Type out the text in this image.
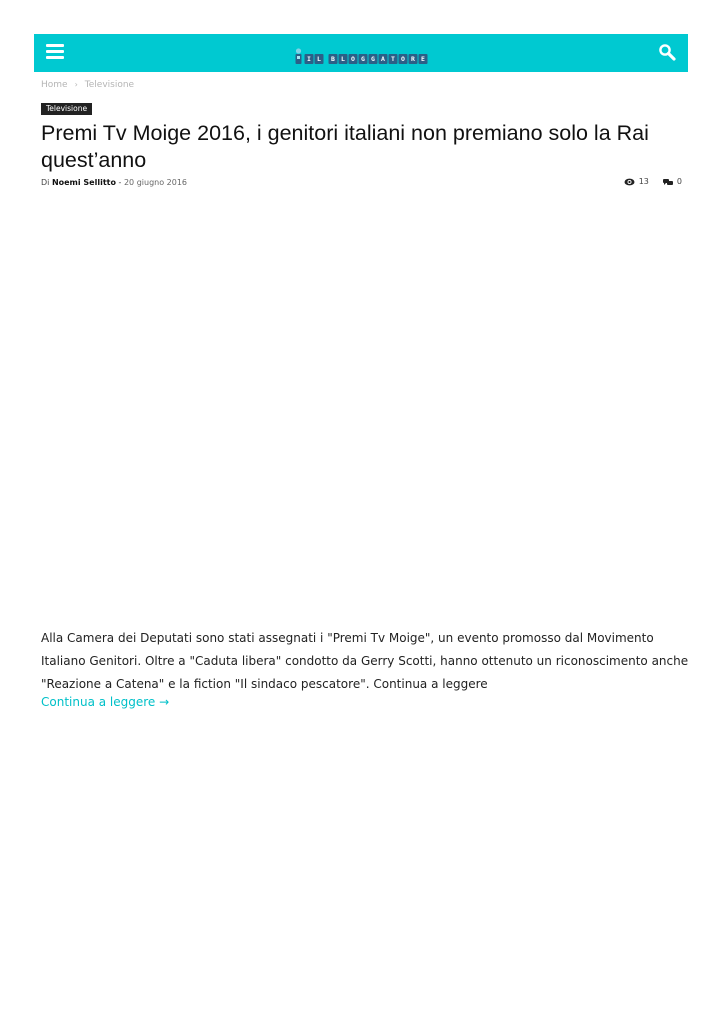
I L	B L O G G A T O R E
Home › Televisione
Televisione
Premi Tv Moige 2016, i genitori italiani non premiano solo la Rai quest’anno
Di Noemi Sellitto - 20 giugno 2016	13	0

Alla Camera dei Deputati sono stati assegnati i "Premi Tv Moige", un evento promosso dal Movimento Italiano Genitori. Oltre a "Caduta libera" condotto da Gerry Scotti, hanno ottenuto un riconoscimento anche "Reazione a Catena" e la fiction "Il sindaco pescatore". Continua a leggere

Continua a leggere →
